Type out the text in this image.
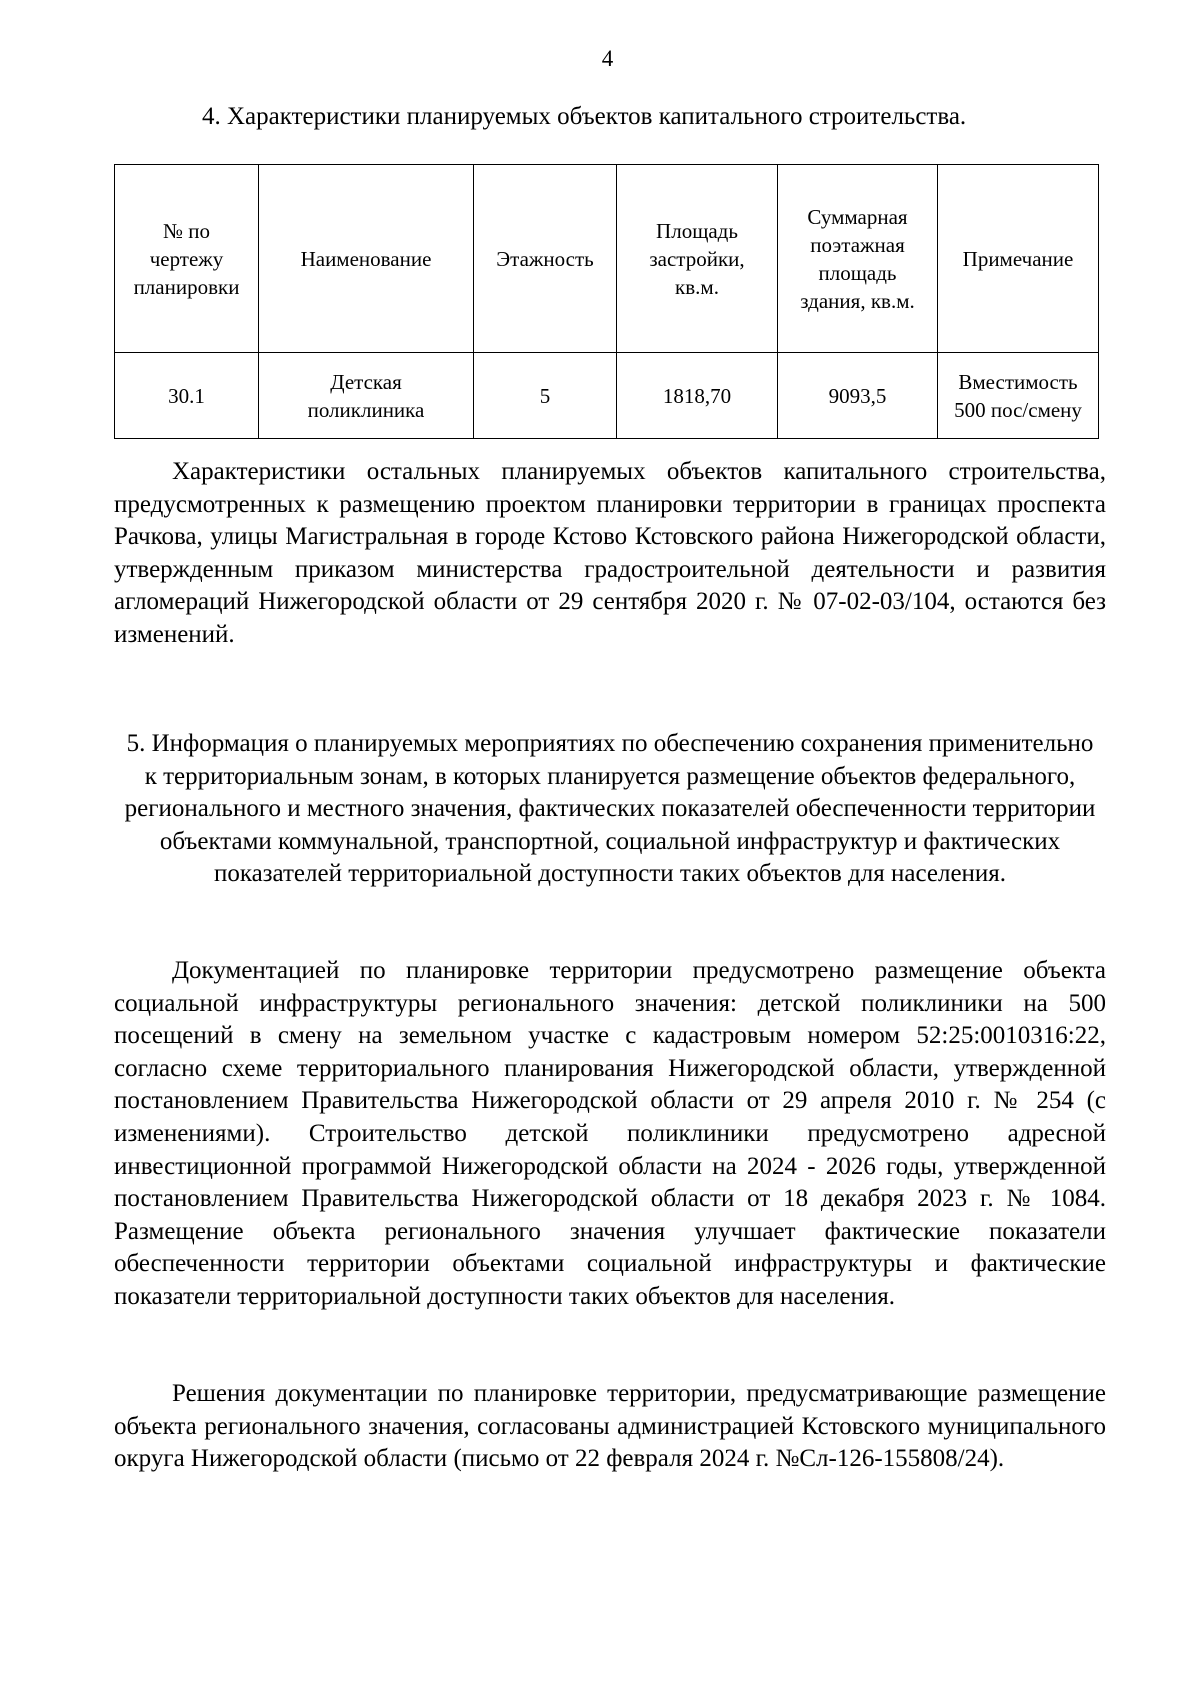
4
4. Характеристики планируемых объектов капитального строительства.
№ по чертежу планировки	Наименование	Этажность	Площадь застройки, кв.м.	Суммарная поэтажная площадь здания, кв.м.	Примечание
30.1	Детская поликлиника	5	1818,70	9093,5	Вместимость 500 пос/смену

Характеристики остальных планируемых объектов капитального строительства, предусмотренных к размещению проектом планировки территории в границах проспекта Рачкова, улицы Магистральная в городе Кстово Кстовского района Нижегородской области, утвержденным приказом министерства градостроительной деятельности и развития агломераций Нижегородской области от 29 сентября 2020 г. № 07-02-03/104, остаются без изменений.

5. Информация о планируемых мероприятиях по обеспечению сохранения применительно к территориальным зонам, в которых планируется размещение объектов федерального, регионального и местного значения, фактических показателей обеспеченности территории объектами коммунальной, транспортной, социальной инфраструктур и фактических показателей территориальной доступности таких объектов для населения.

Документацией по планировке территории предусмотрено размещение объекта социальной инфраструктуры регионального значения: детской поликлиники на 500 посещений в смену на земельном участке с кадастровым номером 52:25:0010316:22, согласно схеме территориального планирования Нижегородской области, утвержденной постановлением Правительства Нижегородской области от 29 апреля 2010 г. № 254 (с изменениями). Строительство детской поликлиники предусмотрено адресной инвестиционной программой Нижегородской области на 2024 - 2026 годы, утвержденной постановлением Правительства Нижегородской области от 18 декабря 2023 г. № 1084. Размещение объекта регионального значения улучшает фактические показатели обеспеченности территории объектами социальной инфраструктуры и фактические показатели территориальной доступности таких объектов для населения.

Решения документации по планировке территории, предусматривающие размещение объекта регионального значения, согласованы администрацией Кстовского муниципального округа Нижегородской области (письмо от 22 февраля 2024 г. №Сл-126-155808/24).
